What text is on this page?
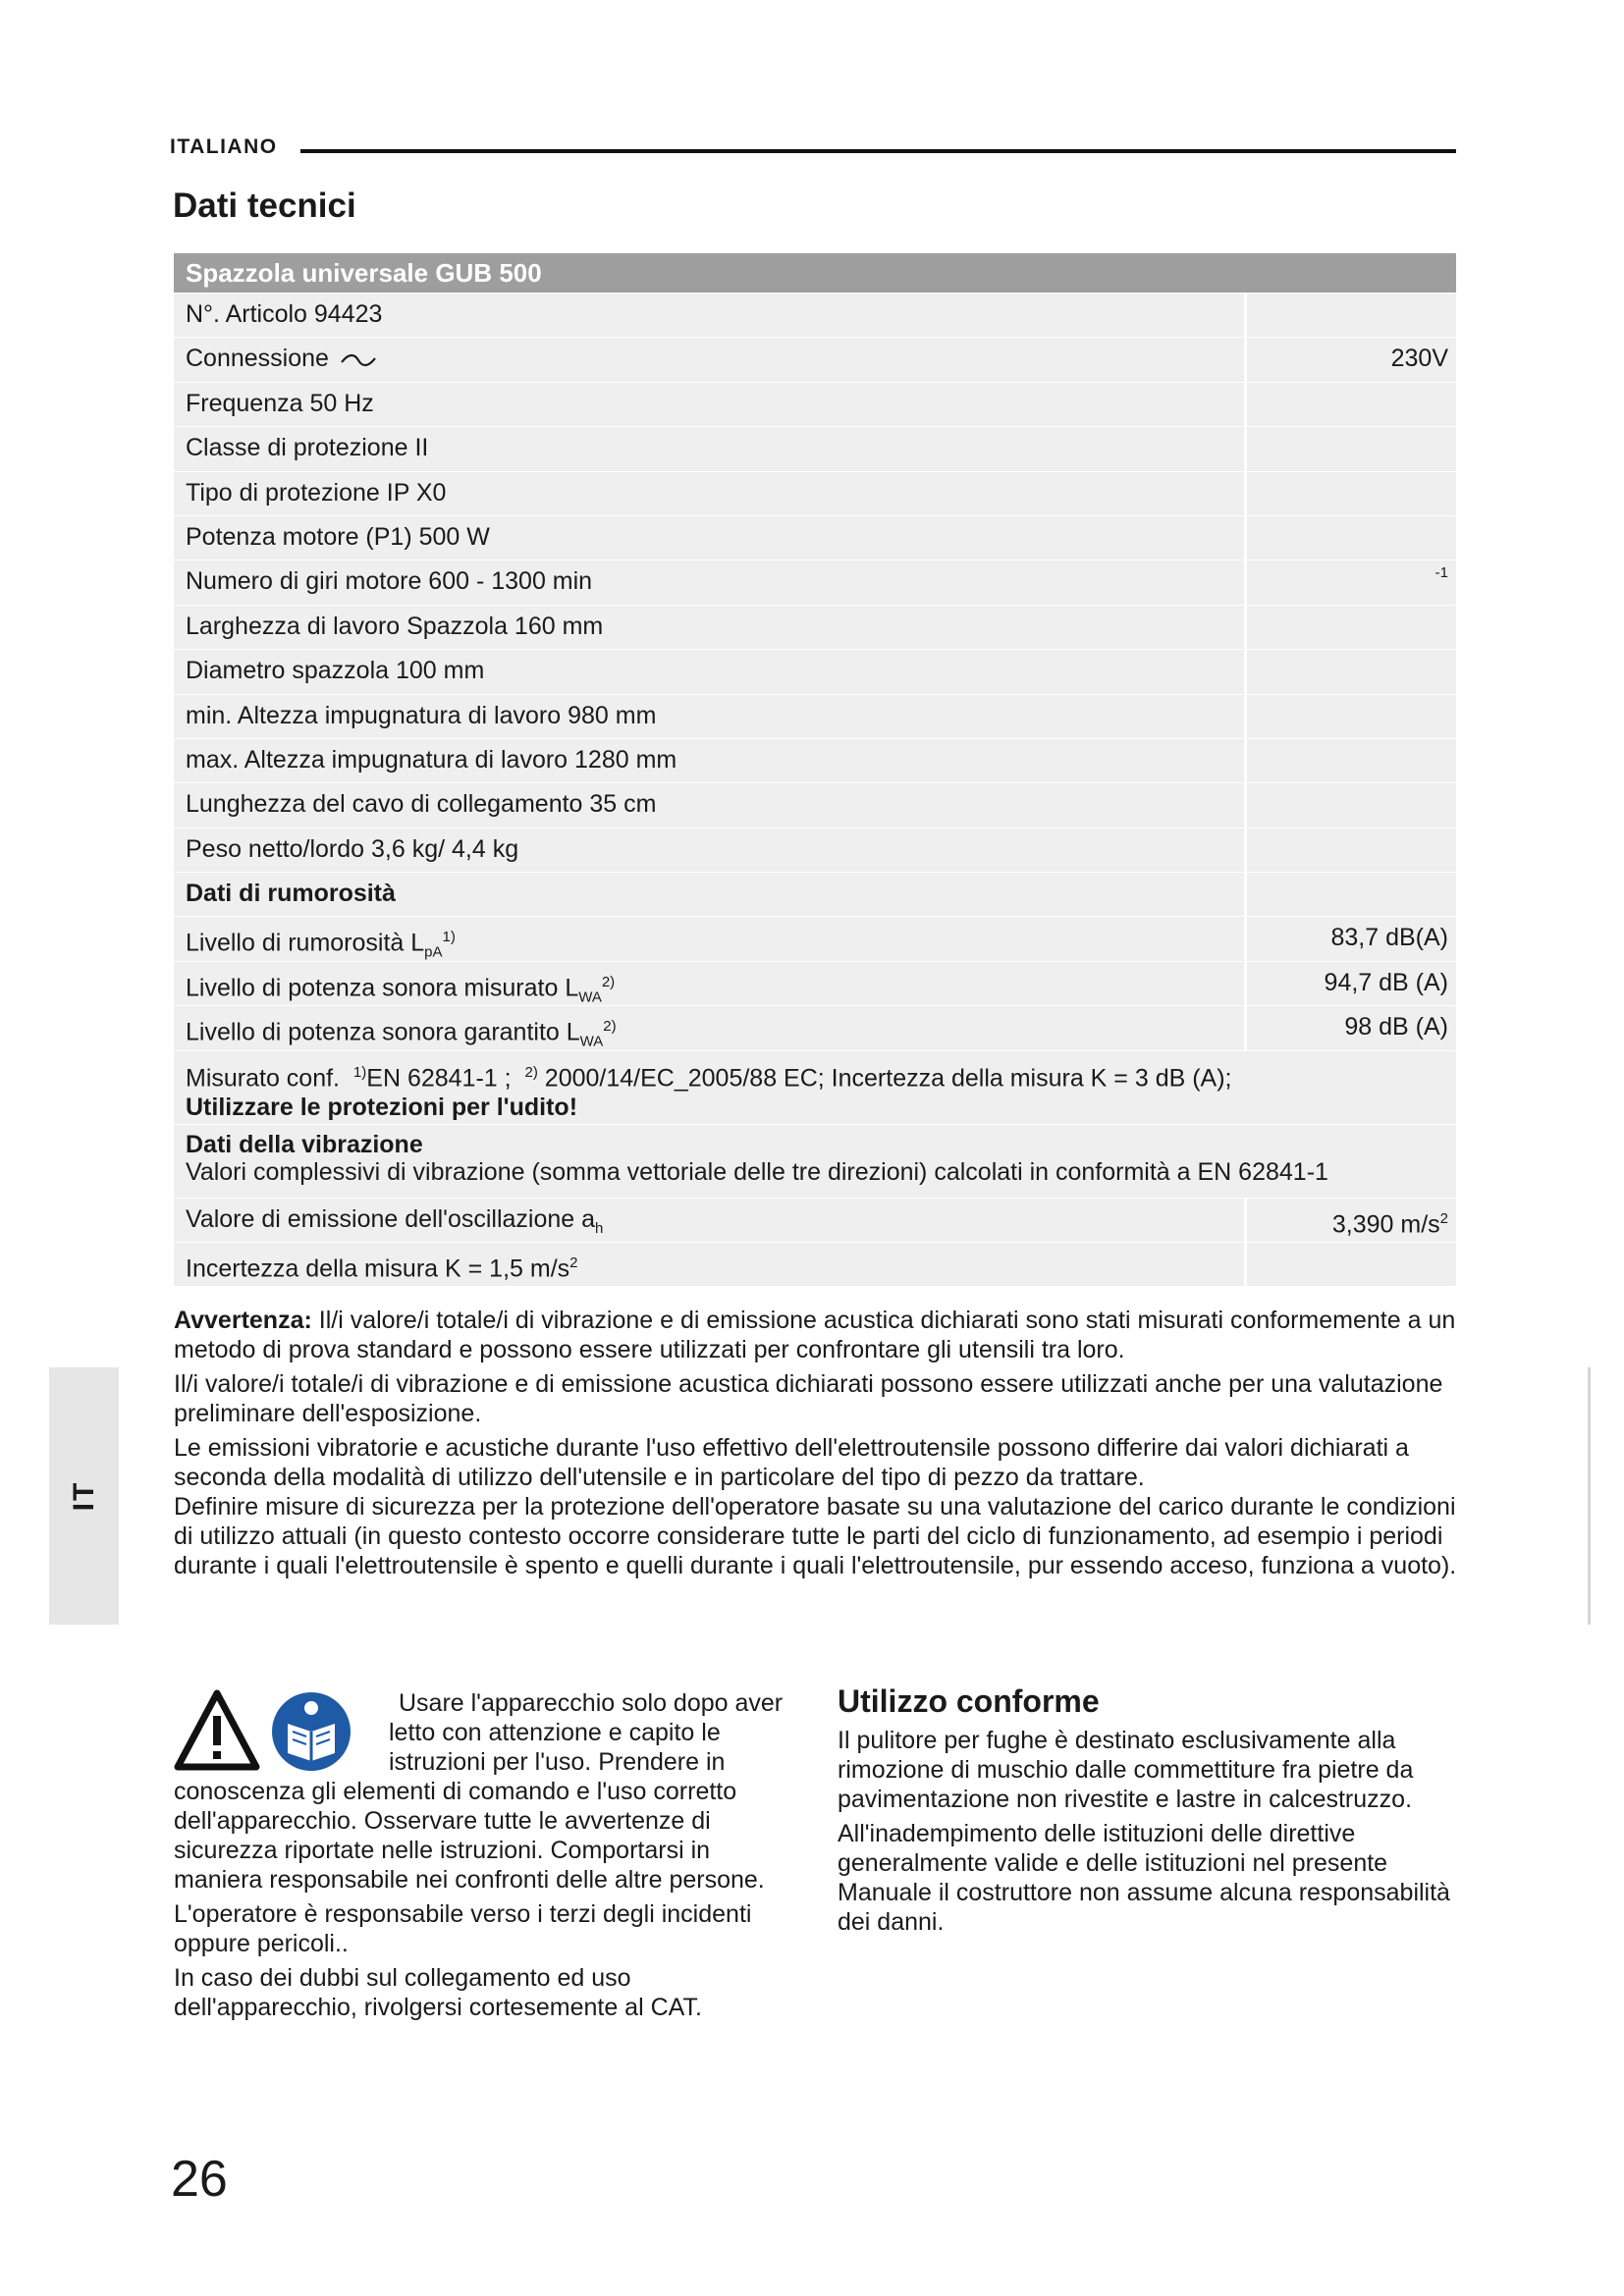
ITALIANO
Dati tecnici
Spazzola universale GUB 500
N°. Articolo 94423
Connessione	230V
Frequenza 50 Hz
Classe di protezione II
Tipo di protezione IP X0
Potenza motore (P1) 500 W
Numero di giri motore 600 - 1300 min	-1
Larghezza di lavoro Spazzola 160 mm
Diametro spazzola 100 mm
min. Altezza impugnatura di lavoro 980 mm
max. Altezza impugnatura di lavoro 1280 mm
Lunghezza del cavo di collegamento 35 cm
Peso netto/lordo 3,6 kg/ 4,4 kg
Dati di rumorosità
Livello di rumorosità $L_{pA}^{1)}$	83,7 dB(A)
Livello di potenza sonora misurato $L_{WA}^{2)}$	94,7 dB (A)
Livello di potenza sonora garantito $L_{WA}^{2)}$	98 dB (A)
Misurato conf. $^{1)}$EN 62841-1 ; $^{2)}$ 2000/14/EC_2005/88 EC; Incertezza della misura K = 3 dB (A);
Utilizzare le protezioni per l'udito!
Dati della vibrazione
Valori complessivi di vibrazione (somma vettoriale delle tre direzioni) calcolati in conformità a EN 62841-1
Valore di emissione dell'oscillazione $a_h$	3,390 $m/s^2$
Incertezza della misura K = 1,5 $m/s^2$

Avvertenza: Il/i valore/i totale/i di vibrazione e di emissione acustica dichiarati sono stati misurati conformemente a un metodo di prova standard e possono essere utilizzati per confrontare gli utensili tra loro.

Il/i valore/i totale/i di vibrazione e di emissione acustica dichiarati possono essere utilizzati anche per una valutazione preliminare dell'esposizione.

Le emissioni vibratorie e acustiche durante l'uso effettivo dell'elettroutensile possono differire dai valori dichiarati a seconda della modalità di utilizzo dell'utensile e in particolare del tipo di pezzo da trattare.

Definire misure di sicurezza per la protezione dell'operatore basate su una valutazione del carico durante le condizioni di utilizzo attuali (in questo contesto occorre considerare tutte le parti del ciclo di funzionamento, ad esempio i periodi durante i quali l'elettroutensile è spento e quelli durante i quali l'elettroutensile, pur essendo acceso, funziona a vuoto).

IT

Usare l'apparecchio solo dopo aver letto con attenzione e capito le istruzioni per l'uso. Prendere in conoscenza gli elementi di comando e l'uso corretto dell'apparecchio. Osservare tutte le avvertenze di sicurezza riportate nelle istruzioni. Comportarsi in maniera responsabile nei confronti delle altre persone.

L'operatore è responsabile verso i terzi degli incidenti oppure pericoli..

In caso dei dubbi sul collegamento ed uso dell'apparecchio, rivolgersi cortesemente al CAT.

Utilizzo conforme

Il pulitore per fughe è destinato esclusivamente alla rimozione di muschio dalle commettiture fra pietre da pavimentazione non rivestite e lastre in calcestruzzo.

All'inadempimento delle istituzioni delle direttive generalmente valide e delle istituzioni nel presente Manuale il costruttore non assume alcuna responsabilità dei danni.

26
